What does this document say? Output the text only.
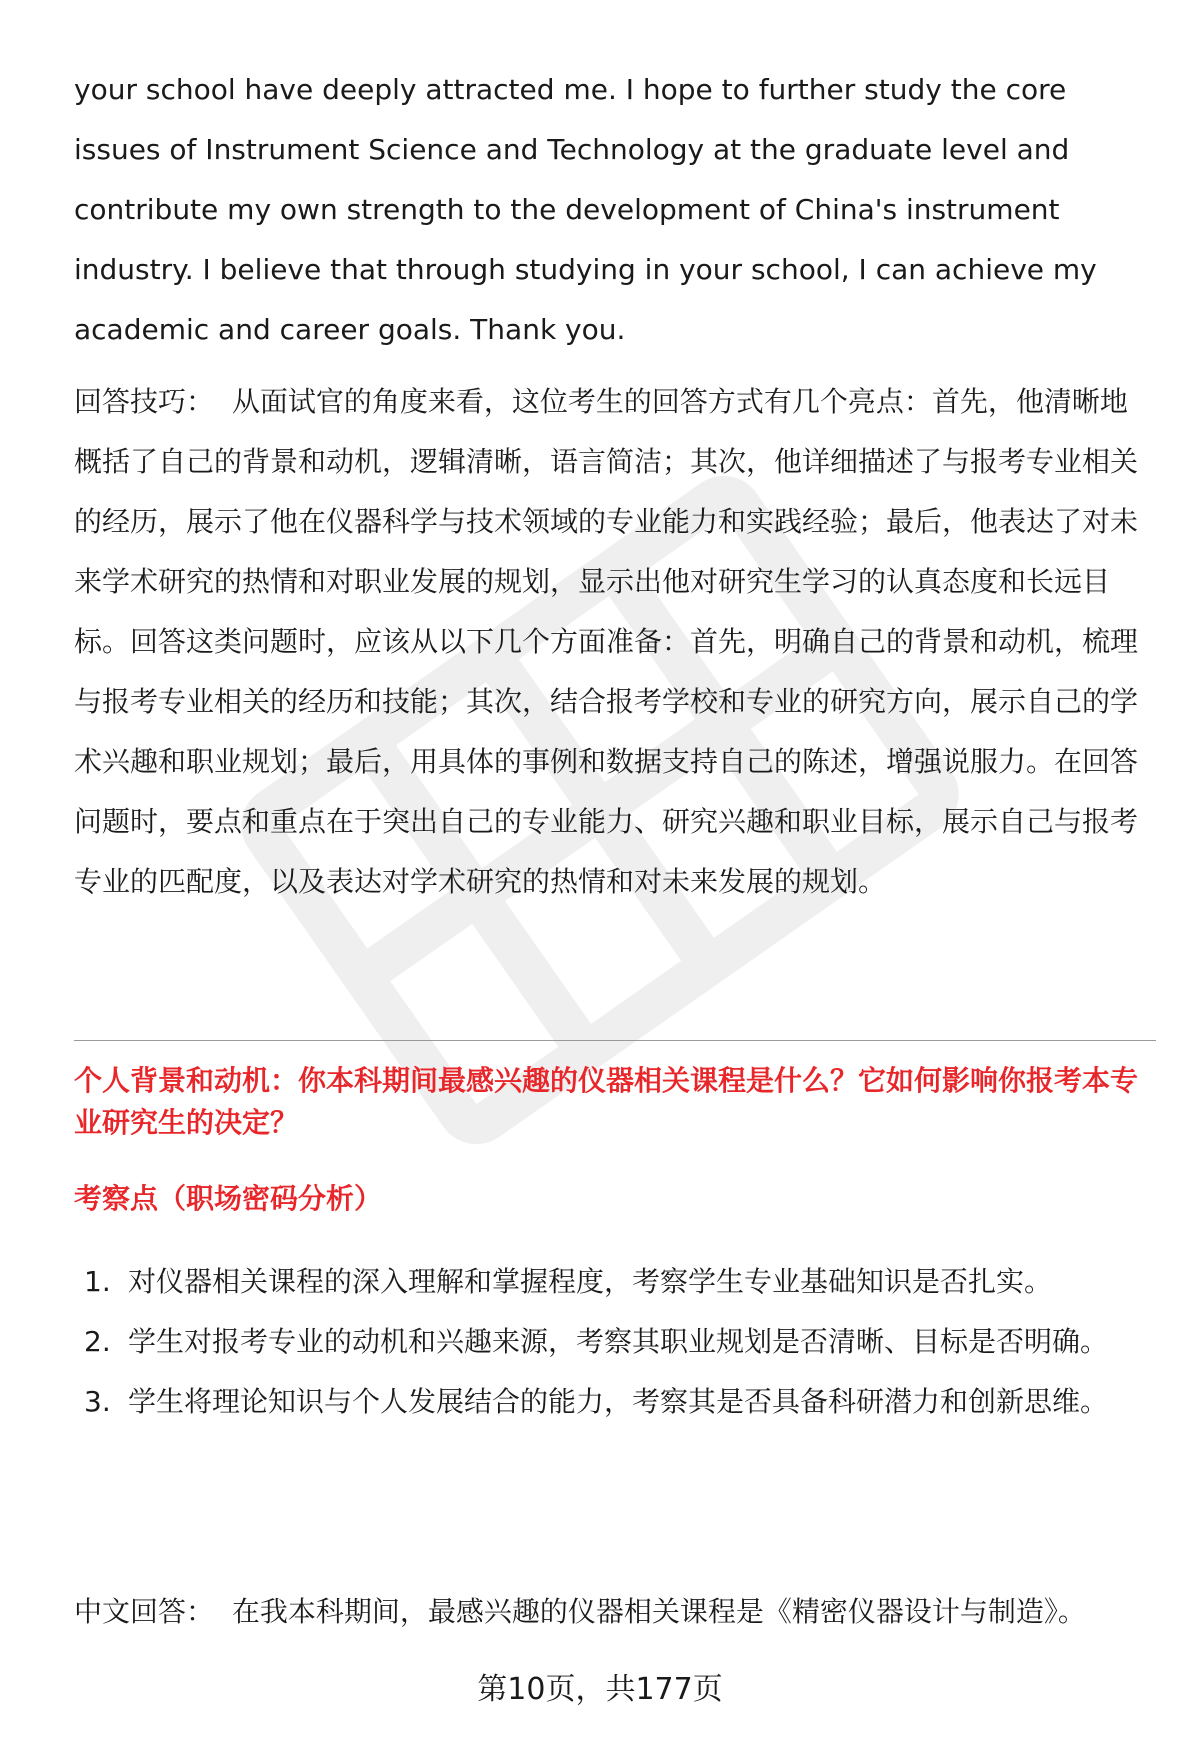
your school have deeply attracted me. I hope to further study the core issues of Instrument Science and Technology at the graduate level and contribute my own strength to the development of China's instrument industry. I believe that through studying in your school, I can achieve my academic and career goals. Thank you.

回答技巧： 从面试官的角度来看，这位考生的回答方式有几个亮点：首先，他清晰地概括了自己的背景和动机，逻辑清晰，语言简洁；其次，他详细描述了与报考专业相关的经历，展示了他在仪器科学与技术领域的专业能力和实践经验；最后，他表达了对未来学术研究的热情和对职业发展的规划，显示出他对研究生学习的认真态度和长远目标。回答这类问题时，应该从以下几个方面准备：首先，明确自己的背景和动机，梳理与报考专业相关的经历和技能；其次，结合报考学校和专业的研究方向，展示自己的学术兴趣和职业规划；最后，用具体的事例和数据支持自己的陈述，增强说服力。在回答问题时，要点和重点在于突出自己的专业能力、研究兴趣和职业目标，展示自己与报考专业的匹配度，以及表达对学术研究的热情和对未来发展的规划。

个人背景和动机：你本科期间最感兴趣的仪器相关课程是什么？它如何影响你报考本专业研究生的决定？

考察点（职场密码分析）

1. 对仪器相关课程的深入理解和掌握程度，考察学生专业基础知识是否扎实。
2. 学生对报考专业的动机和兴趣来源，考察其职业规划是否清晰、目标是否明确。
3. 学生将理论知识与个人发展结合的能力，考察其是否具备科研潜力和创新思维。

中文回答： 在我本科期间，最感兴趣的仪器相关课程是《精密仪器设计与制造》。

第10页，共177页
